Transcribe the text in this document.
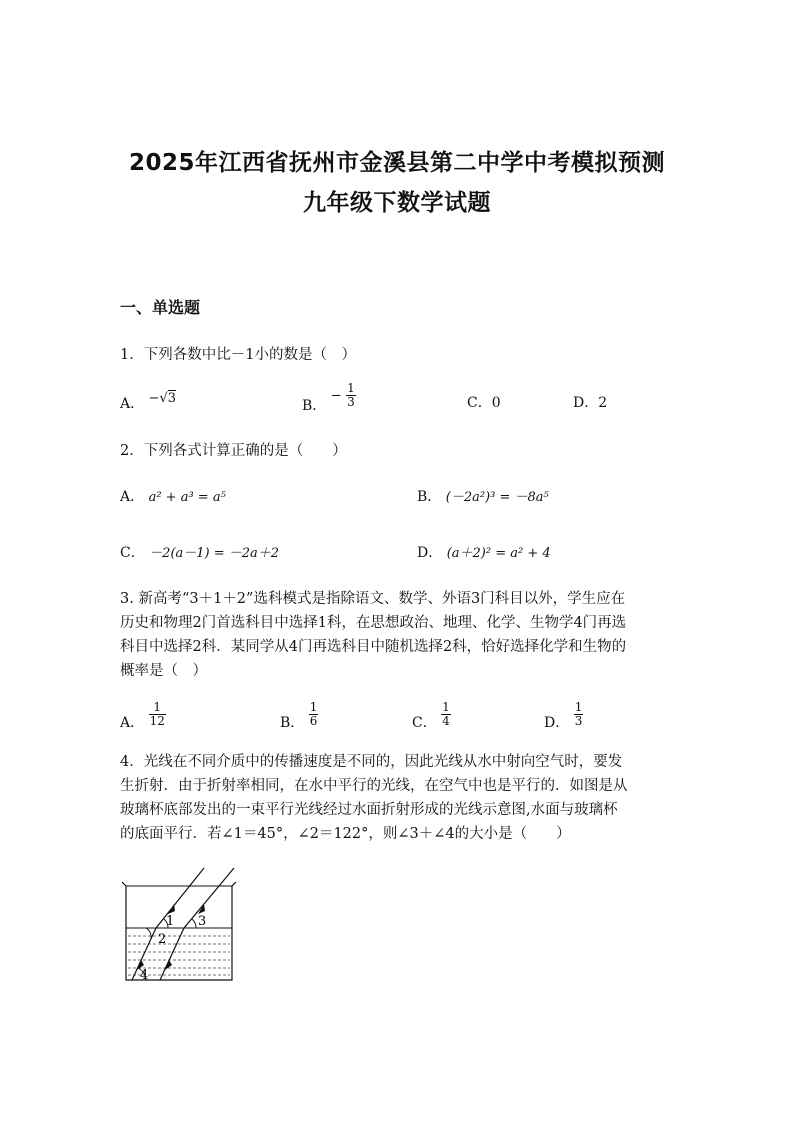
2025年江西省抚州市金溪县第二中学中考模拟预测
九年级下数学试题
一、单选题
1．下列各数中比－1小的数是（　）
A． −√3	B． − $\frac{1}{3}$	C．0	D．2
2．下列各式计算正确的是（　　）
A． a² + a³ = a⁵	B． (－2a²)³ = －8a⁵
C． －2(a－1) = －2a＋2	D． (a＋2)² = a² + 4
3. 新高考“3＋1＋2”选科模式是指除语文、数学、外语3门科目以外，学生应在
历史和物理2门首选科目中选择1科，在思想政治、地理、化学、生物学4门再选
科目中选择2科．某同学从4门再选科目中随机选择2科，恰好选择化学和生物的
概率是（　）
A． $\frac{1}{12}$	B． $\frac{1}{6}$	C． $\frac{1}{4}$	D． $\frac{1}{3}$
4．光线在不同介质中的传播速度是不同的，因此光线从水中射向空气时，要发
生折射．由于折射率相同，在水中平行的光线，在空气中也是平行的．如图是从
玻璃杯底部发出的一束平行光线经过水面折射形成的光线示意图,水面与玻璃杯
的底面平行．若∠1＝45°，∠2＝122°，则∠3＋∠4的大小是（　　）
1 3
2
4
